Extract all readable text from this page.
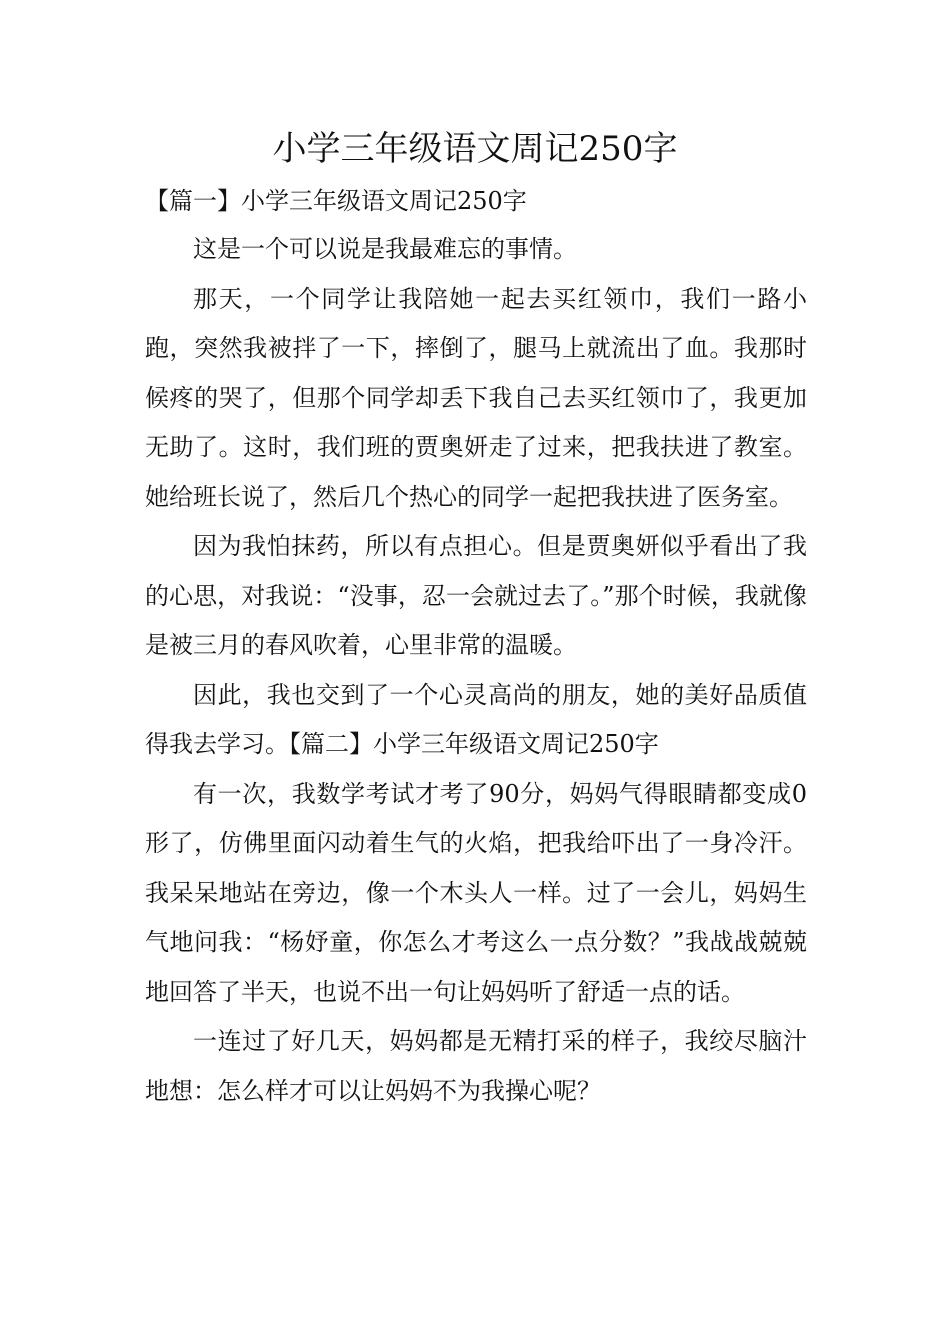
小学三年级语文周记250字
【篇一】小学三年级语文周记250字

这是一个可以说是我最难忘的事情。

那天，一个同学让我陪她一起去买红领巾，我们一路小跑，突然我被拌了一下，摔倒了，腿马上就流出了血。我那时候疼的哭了，但那个同学却丢下我自己去买红领巾了，我更加无助了。这时，我们班的贾奥妍走了过来，把我扶进了教室。她给班长说了，然后几个热心的同学一起把我扶进了医务室。

因为我怕抹药，所以有点担心。但是贾奥妍似乎看出了我的心思，对我说：“没事，忍一会就过去了。”那个时候，我就像是被三月的春风吹着，心里非常的温暖。

因此，我也交到了一个心灵高尚的朋友，她的美好品质值得我去学习。【篇二】小学三年级语文周记250字

有一次，我数学考试才考了90分，妈妈气得眼睛都变成0形了，仿佛里面闪动着生气的火焰，把我给吓出了一身冷汗。我呆呆地站在旁边，像一个木头人一样。过了一会儿，妈妈生气地问我：“杨妤童，你怎么才考这么一点分数？”我战战兢兢地回答了半天，也说不出一句让妈妈听了舒适一点的话。

一连过了好几天，妈妈都是无精打采的样子，我绞尽脑汁地想：怎么样才可以让妈妈不为我操心呢？
